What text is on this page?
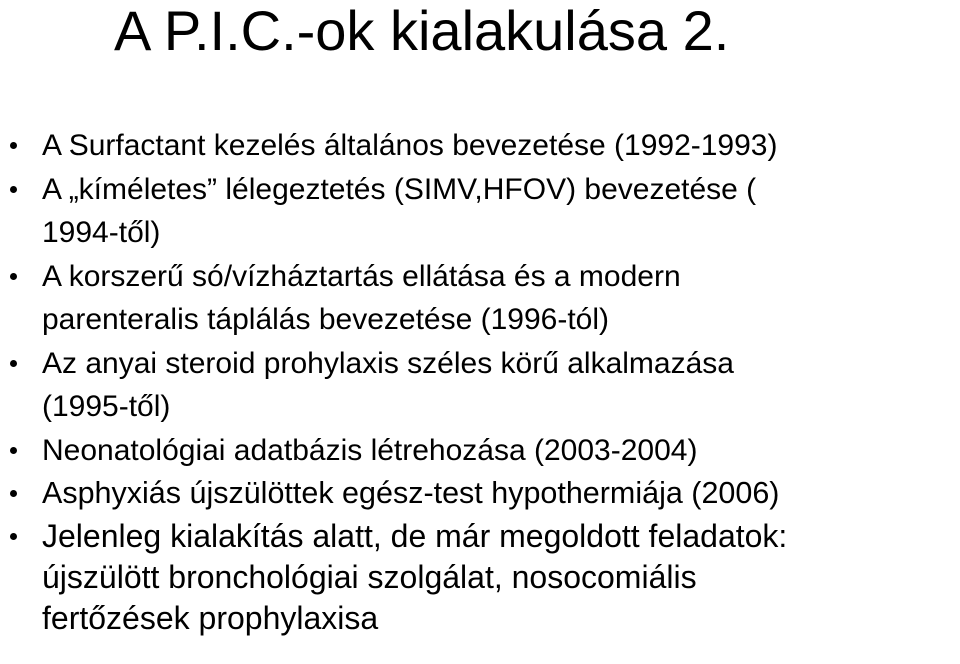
A P.I.C.-ok kialakulása 2.
A Surfactant kezelés általános bevezetése (1992-1993)
A „kíméletes” lélegeztetés (SIMV,HFOV) bevezetése (
1994-től)
A korszerű só/vízháztartás ellátása és a modern
parenteralis táplálás bevezetése (1996-tól)
Az anyai steroid prohylaxis széles körű alkalmazása
(1995-től)
Neonatológiai adatbázis létrehozása (2003-2004)
Asphyxiás újszülöttek egész-test hypothermiája (2006)
Jelenleg kialakítás alatt, de már megoldott feladatok:
újszülött bronchológiai szolgálat, nosocomiális
fertőzések prophylaxisa
